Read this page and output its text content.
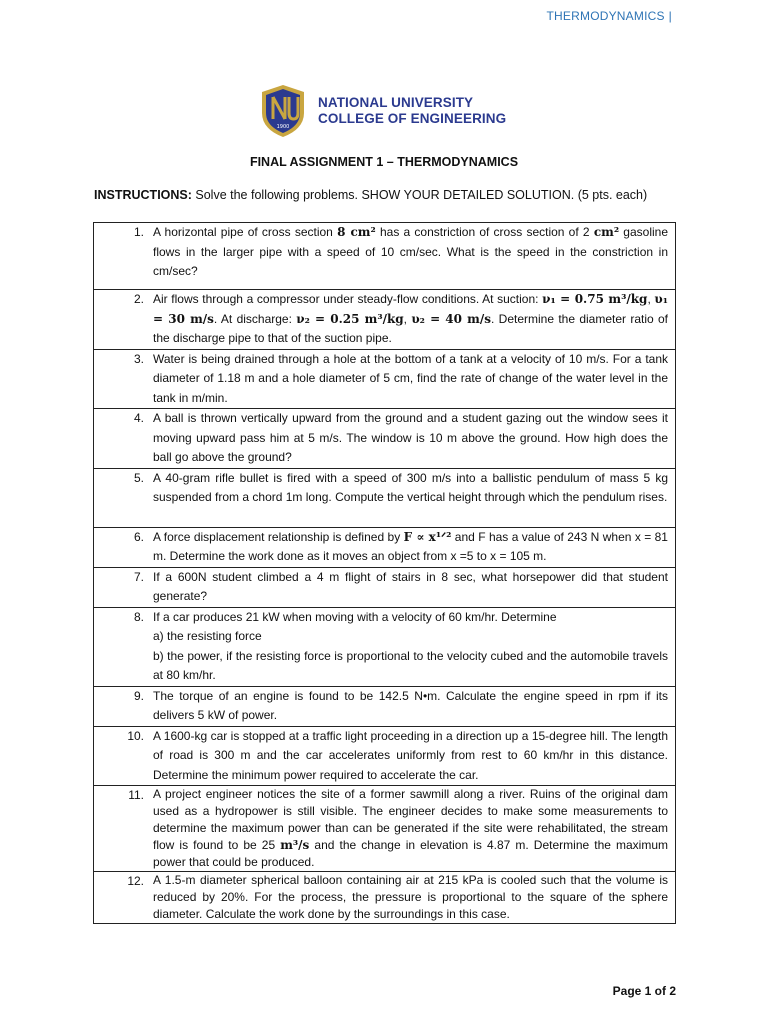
THERMODYNAMICS |
1900
NATIONAL UNIVERSITY
COLLEGE OF ENGINEERING
FINAL ASSIGNMENT 1 – THERMODYNAMICS
INSTRUCTIONS: Solve the following problems. SHOW YOUR DETAILED SOLUTION. (5 pts. each)
1.	A horizontal pipe of cross section 8 cm² has a constriction of cross section of 2 cm² gasoline flows in the larger pipe with a speed of 10 cm/sec. What is the speed in the constriction in cm/sec?
2.	Air flows through a compressor under steady-flow conditions. At suction: ν₁ = 0.75 m³/kg, υ₁ = 30 m/s. At discharge: ν₂ = 0.25 m³/kg, υ₂ = 40 m/s. Determine the diameter ratio of the discharge pipe to that of the suction pipe.
3.	Water is being drained through a hole at the bottom of a tank at a velocity of 10 m/s. For a tank diameter of 1.18 m and a hole diameter of 5 cm, find the rate of change of the water level in the tank in m/min.
4.	A ball is thrown vertically upward from the ground and a student gazing out the window sees it moving upward pass him at 5 m/s. The window is 10 m above the ground. How high does the ball go above the ground?
5.	A 40-gram rifle bullet is fired with a speed of 300 m/s into a ballistic pendulum of mass 5 kg suspended from a chord 1m long. Compute the vertical height through which the pendulum rises.
6.	A force displacement relationship is defined by F ∝ x¹ᐟ² and F has a value of 243 N when x = 81 m. Determine the work done as it moves an object from x =5 to x = 105 m.
7.	If a 600N student climbed a 4 m flight of stairs in 8 sec, what horsepower did that student generate?
8.	If a car produces 21 kW when moving with a velocity of 60 km/hr. Determine
a) the resisting force
b) the power, if the resisting force is proportional to the velocity cubed and the automobile travels at 80 km/hr.

9.	The torque of an engine is found to be 142.5 N•m. Calculate the engine speed in rpm if its delivers 5 kW of power.
10.	A 1600-kg car is stopped at a traffic light proceeding in a direction up a 15-degree hill. The length of road is 300 m and the car accelerates uniformly from rest to 60 km/hr in this distance. Determine the minimum power required to accelerate the car.
11.	A project engineer notices the site of a former sawmill along a river. Ruins of the original dam used as a hydropower is still visible. The engineer decides to make some measurements to determine the maximum power than can be generated if the site were rehabilitated, the stream flow is found to be 25 m³/s and the change in elevation is 4.87 m. Determine the maximum power that could be produced.
12.	A 1.5-m diameter spherical balloon containing air at 215 kPa is cooled such that the volume is reduced by 20%. For the process, the pressure is proportional to the square of the sphere diameter. Calculate the work done by the surroundings in this case.
Page 1 of 2
